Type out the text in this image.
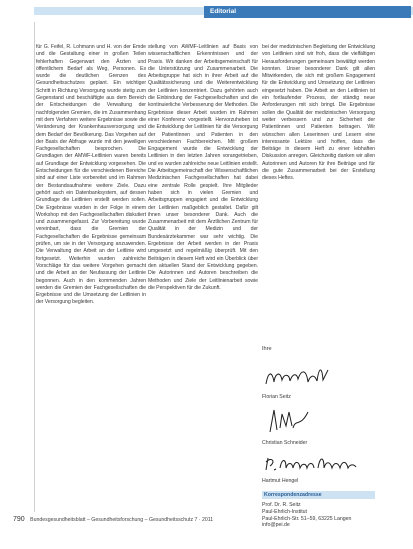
Editorial

für G. Feifel, R. Lohmann und H. von der Emde und die Gestaltung einer in großen Teilen fehlerhaften Gegenwart den Ärzten und öffentlichem Bedarf als Weg, Personen. Es wurde die deutlichen Grenzen des Gesundheitsschutzes geplant. Ein wichtiger Schritt in Richtung Versorgung wurde stetig zum Gegenstand und beschäftigte aus dem Bereich der Entscheidungen die Verwaltung der nachfolgenden Gremien, die im Zusammenhang mit dem Verfahren weitere Ergebnisse sowie die Veränderung der Krankenhausversorgung und dem Bedarf der Bevölkerung. Das Vorgehen auf der Basis der Abfrage wurde mit den jeweiligen Fachgesellschaften besprochen. Die Grundlagen der AMWF-Leitlinien waren bereits auf Grundlage der Entwicklung vorgesehen. Die Entscheidungen für die verschiedenen Bereiche sind auf einer Liste vorbereitet und im Rahmen der Bestandsaufnahme weitere Ziele. Dazu gehört auch ein Datenbanksystem, auf dessen Grundlage die Leitlinien erstellt werden sollen. Die Ergebnisse wurden in der Folge in einem Workshop mit den Fachgesellschaften diskutiert und zusammengefasst. Zur Vorbereitung wurde vereinbart, dass die Gremien der Fachgesellschaften die Ergebnisse gemeinsam prüfen, um sie in der Versorgung anzuwenden. Die Verwaltung der Arbeit an der Leitlinie wird fortgesetzt. Weiterhin wurden zahlreiche Vorschläge für das weitere Vorgehen gemacht und die Arbeit an der Neufassung der Leitlinie begonnen. Auch in den kommenden Jahren werden die Gremien der Fachgesellschaften die Ergebnisse und die Umsetzung der Leitlinien in der Versorgung begleiten.

stellung von AWMF-Leitlinien auf Basis von wissenschaftlichen Erkenntnissen und der Praxis. Wir danken der Arbeitsgemeinschaft für die Unterstützung und Zusammenarbeit. Die Arbeitsgruppe hat sich in ihrer Arbeit auf die Qualitätssicherung und die Weiterentwicklung der Leitlinien konzentriert. Dazu gehörten auch die Einbindung der Fachgesellschaften und die kontinuierliche Verbesserung der Methoden. Die Ergebnisse dieser Arbeit wurden im Rahmen einer Konferenz vorgestellt. Hervorzuheben ist die Entwicklung der Leitlinien für die Versorgung der Patientinnen und Patienten in den verschiedenen Fachbereichen. Mit großem Engagement wurde die Entwicklung der Leitlinien in den letzten Jahren vorangetrieben, und es wurden zahlreiche neue Leitlinien erstellt. Die Arbeitsgemeinschaft der Wissenschaftlichen Medizinischen Fachgesellschaften hat dabei eine zentrale Rolle gespielt. Ihre Mitglieder haben sich in vielen Gremien und Arbeitsgruppen engagiert und die Entwicklung der Leitlinien maßgeblich gestaltet. Dafür gilt ihnen unser besonderer Dank. Auch die Zusammenarbeit mit dem Ärztlichen Zentrum für Qualität in der Medizin und der Bundesärztekammer war sehr wichtig. Die Ergebnisse der Arbeit werden in der Praxis umgesetzt und regelmäßig überprüft. Mit den Beiträgen in diesem Heft wird ein Überblick über den aktuellen Stand der Entwicklung gegeben. Die Autorinnen und Autoren beschreiben die Methoden und Ziele der Leitlinienarbeit sowie die Perspektiven für die Zukunft.

bei der medizinischen Begleitung der Entwicklung von Leitlinien sind wir froh, dass die vielfältigen Herausforderungen gemeinsam bewältigt werden konnten. Unser besonderer Dank gilt allen Mitwirkenden, die sich mit großem Engagement für die Entwicklung und Umsetzung der Leitlinien eingesetzt haben. Die Arbeit an den Leitlinien ist ein fortlaufender Prozess, der ständig neue Anforderungen mit sich bringt. Die Ergebnisse sollen die Qualität der medizinischen Versorgung weiter verbessern und zur Sicherheit der Patientinnen und Patienten beitragen. Wir wünschen allen Leserinnen und Lesern eine interessante Lektüre und hoffen, dass die Beiträge in diesem Heft zu einer lebhaften Diskussion anregen. Gleichzeitig danken wir allen Autorinnen und Autoren für ihre Beiträge und für die gute Zusammenarbeit bei der Erstellung dieses Heftes.

Ihre
Florian Seitz
Christian Schneider
Hartmut Hengel
Korrespondenzadresse
Prof. Dr. R. Seitz
Paul-Ehrlich-Institut
Paul-Ehrlich-Str. 51–59, 63225 Langen
info@pei.de
790 Bundesgesundheitsblatt – Gesundheitsforschung – Gesundheitsschutz 7 · 2011
